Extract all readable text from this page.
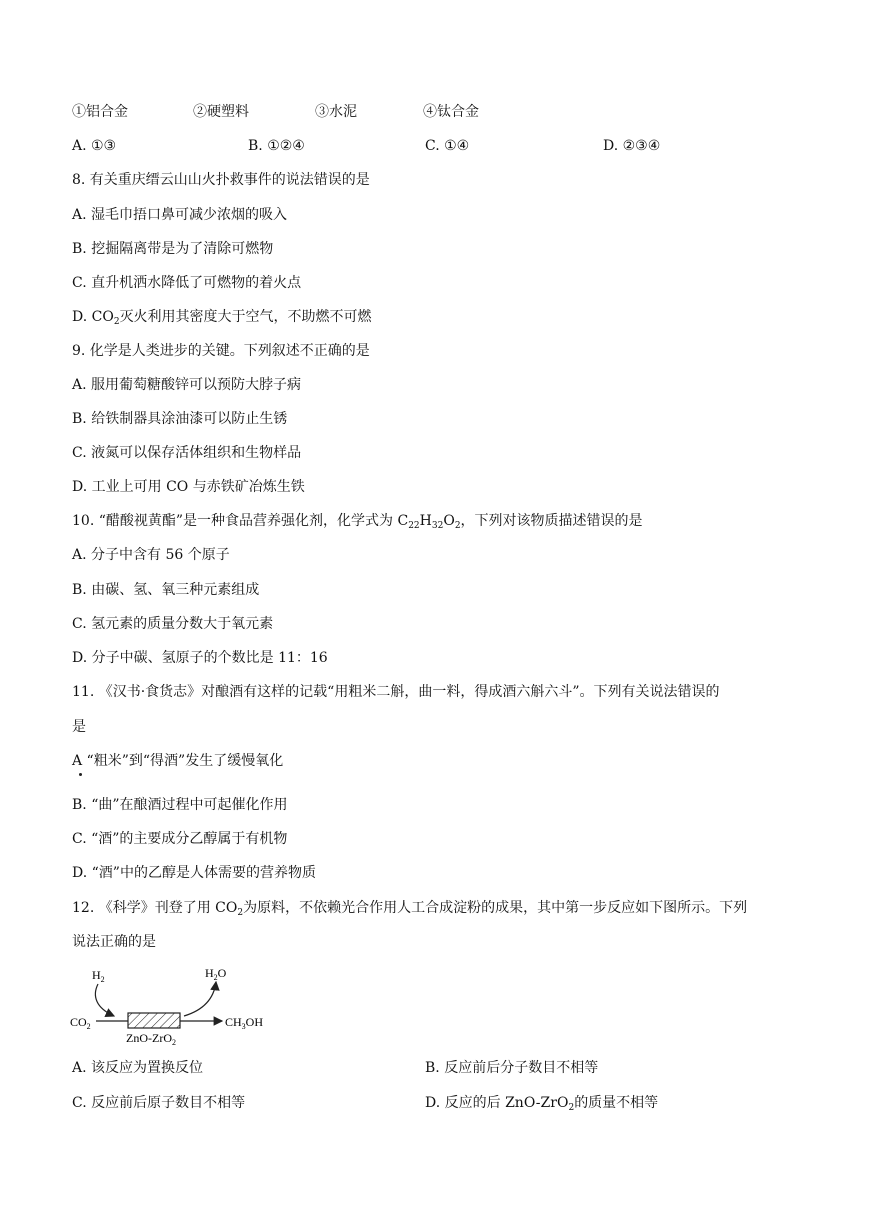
①铝合金	②硬塑料	③水泥	④钛合金
A. ①③	B. ①②④	C. ①④	D. ②③④
8. 有关重庆缙云山山火扑救事件的说法错误的是
A. 湿毛巾捂口鼻可减少浓烟的吸入
B. 挖掘隔离带是为了清除可燃物
C. 直升机洒水降低了可燃物的着火点
D. $CO_2$灭火利用其密度大于空气，不助燃不可燃
9. 化学是人类进步的关键。下列叙述不正确的是
A. 服用葡萄糖酸锌可以预防大脖子病
B. 给铁制器具涂油漆可以防止生锈
C. 液氮可以保存活体组织和生物样品
D. 工业上可用 CO 与赤铁矿冶炼生铁
10. “醋酸视黄酯”是一种食品营养强化剂，化学式为 $C_{22}H_{32}O_2$，下列对该物质描述错误的是
A. 分子中含有 56 个原子
B. 由碳、氢、氧三种元素组成
C. 氢元素的质量分数大于氧元素
D. 分子中碳、氢原子的个数比是 11：16
11. 《汉书·食货志》对酿酒有这样的记载“用粗米二斛，曲一料，得成酒六斛六斗”。下列有关说法错误的
是
A “粗米”到“得酒”发生了缓慢氧化
B. “曲”在酿酒过程中可起催化作用
C. “酒”的主要成分乙醇属于有机物
D. “酒”中的乙醇是人体需要的营养物质
12. 《科学》刊登了用 $CO_2$为原料，不依赖光合作用人工合成淀粉的成果，其中第一步反应如下图所示。下列
说法正确的是
$H_2$	$H_2O$
$CO_2$	$CH_3OH$
ZnO-ZrO$_2$
A. 该反应为置换反位	B. 反应前后分子数目不相等
C. 反应前后原子数目不相等	D. 反应的后 ZnO-ZrO$_2$的质量不相等
